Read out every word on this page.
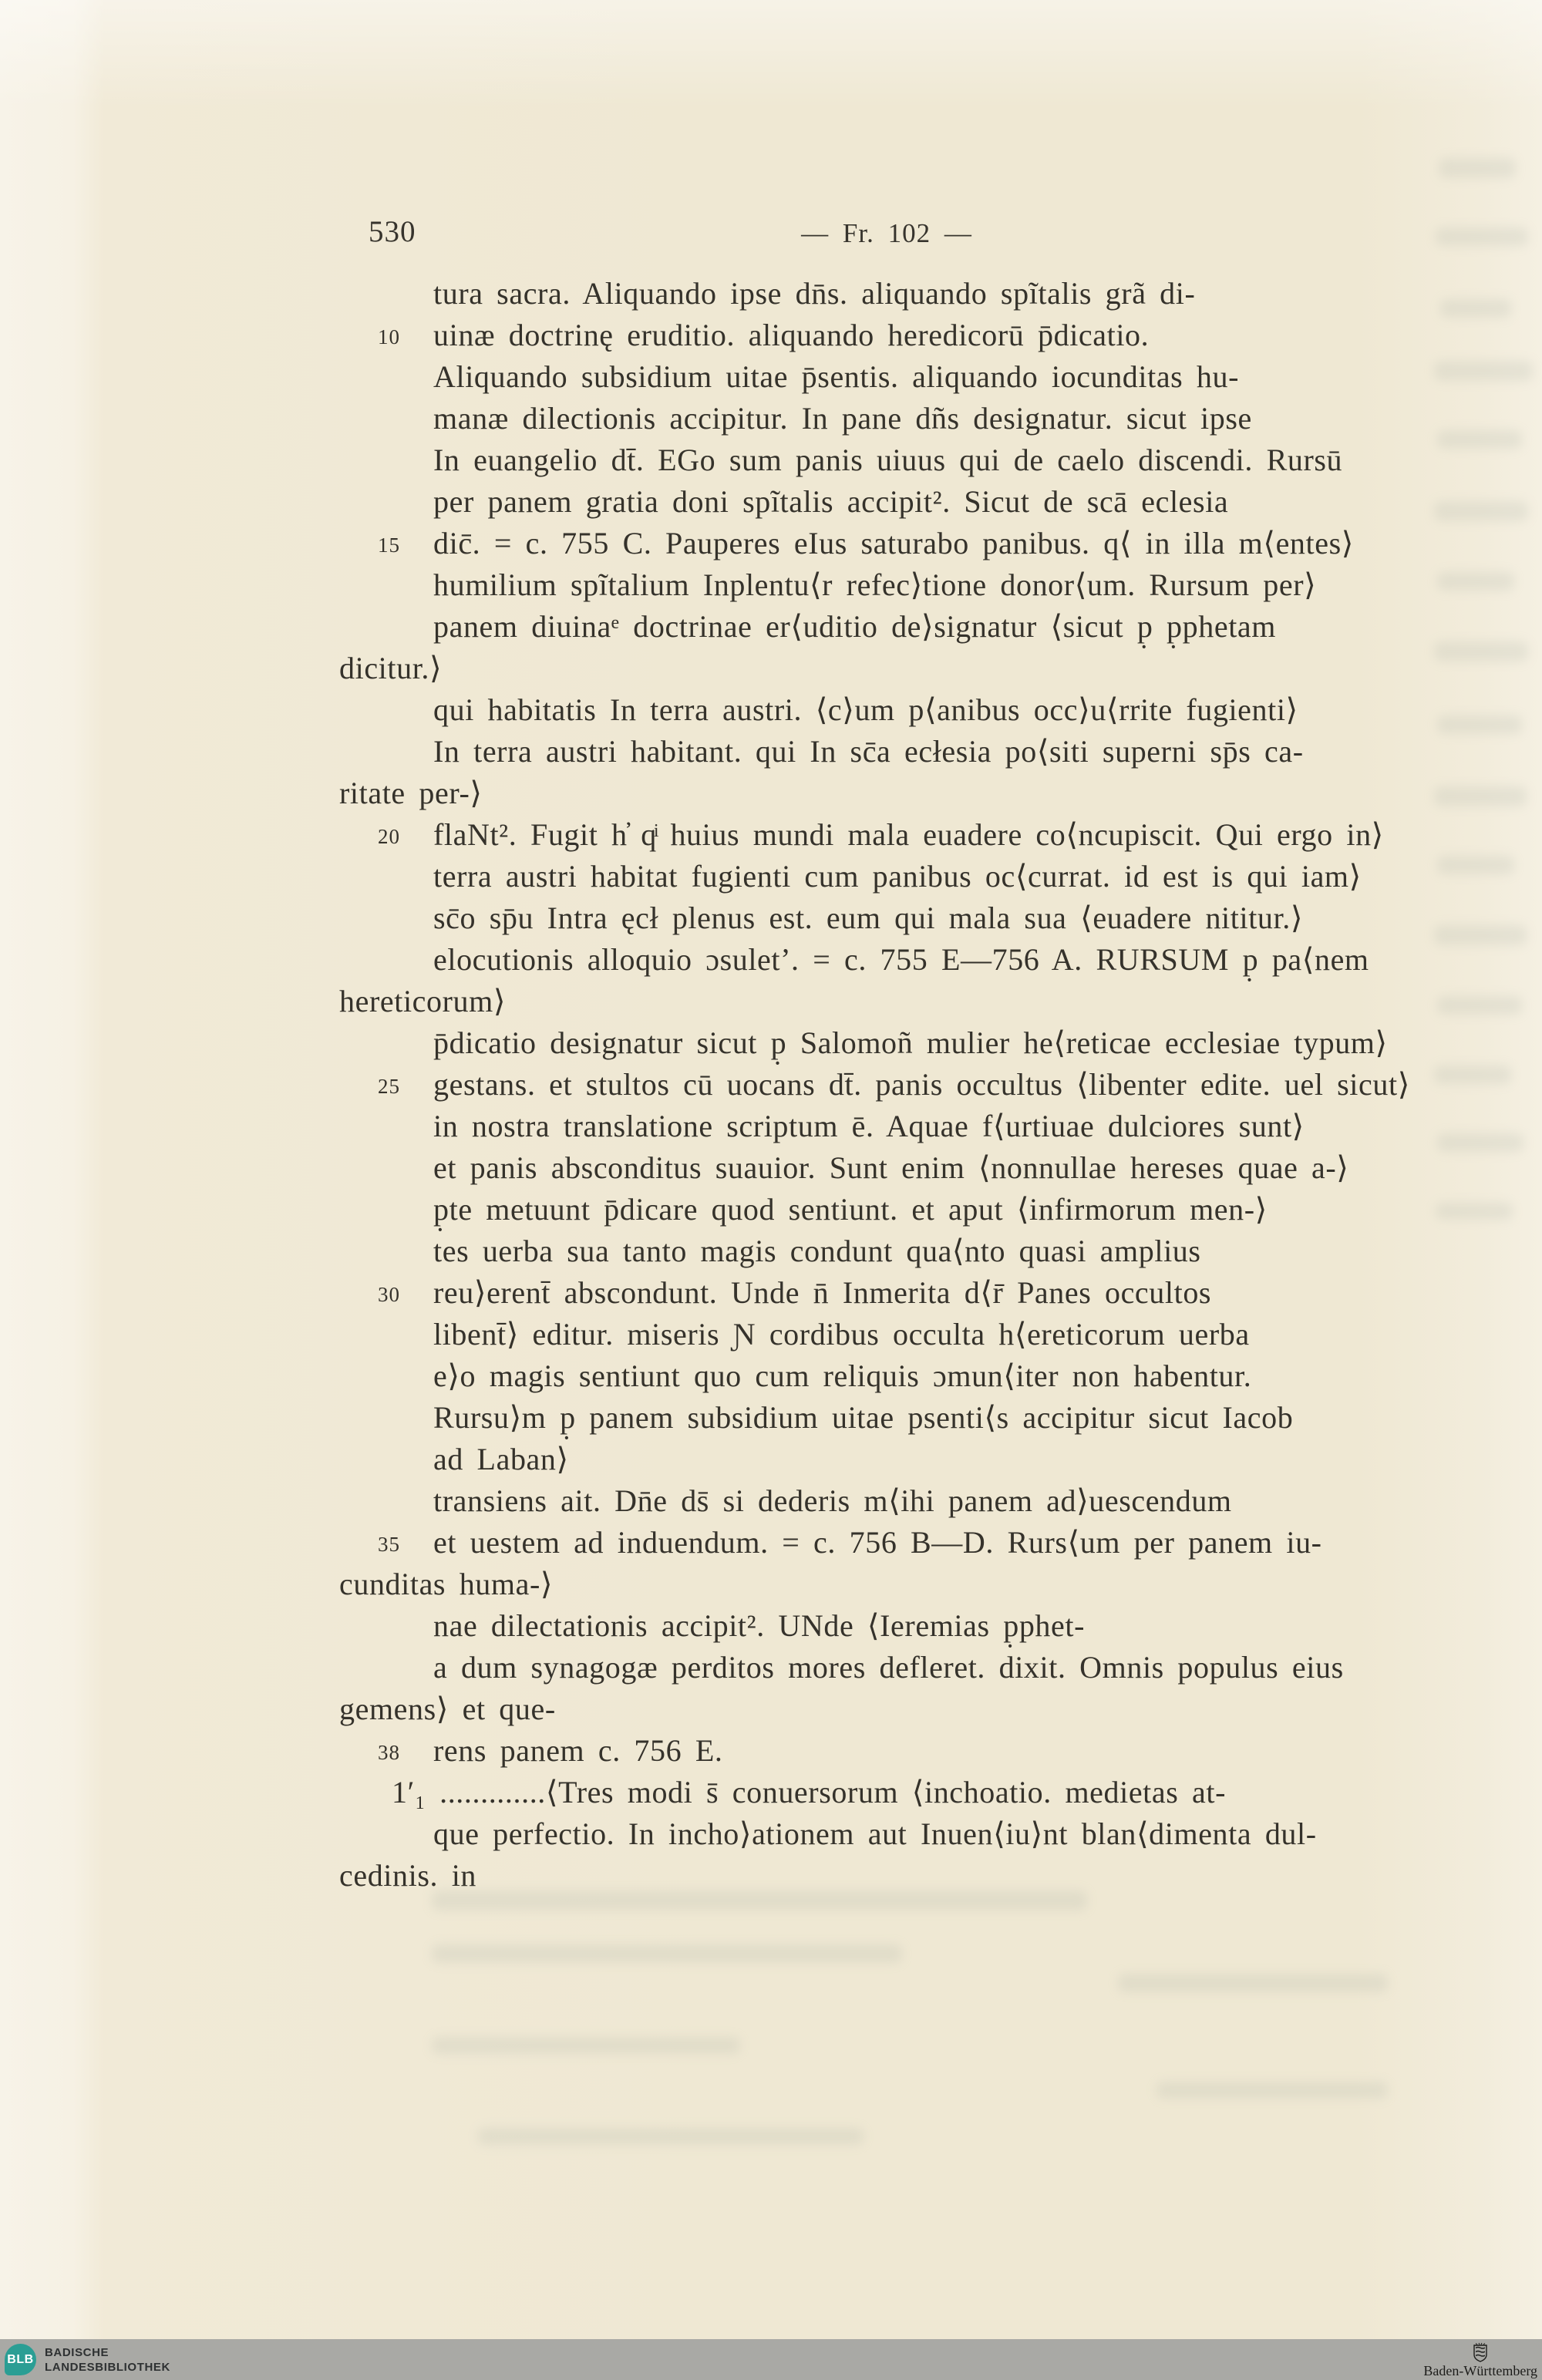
530	— Fr. 102 —
tura sacra. Aliquando ipse dn̄s. aliquando spĩtalis grã di-
10 uinæ doctrinę eruditio. aliquando heredicorū p̄dicatio.
Aliquando subsidium uitae p̄sentis. aliquando iocunditas hu-
manæ dilectionis accipitur. In pane dñs designatur. sicut ipse
In euangelio dt̄. EGo sum panis uiuus qui de caelo discendi. Rursū
per panem gratia doni spĩtalis accipit². Sicut de scā eclesia
15 dic̄. = c. 755 C. Pauperes eIus saturabo panibus. q⟨ in illa m⟨entes⟩
humilium spĩtalium Inplentu⟨r refec⟩tione donor⟨um. Rursum per⟩
panem diuinaᵉ doctrinae er⟨uditio de⟩signatur ⟨sicut p̣ p̣phetam
dicitur.⟩
qui habitatis In terra austri. ⟨c⟩um p⟨anibus occ⟩u⟨rrite fugienti⟩
In terra austri habitant. qui In sc̄a ecłesia po⟨siti superni sp̄s ca-
ritate per-⟩
20 flaNt². Fugit h̕ qͥ huius mundi mala euadere co⟨ncupiscit. Qui ergo in⟩
terra austri habitat fugienti cum panibus oc⟨currat. id est is qui iam⟩
sc̄o sp̄u Intra ęcł plenus est. eum qui mala sua ⟨euadere nititur.⟩
elocutionis alloquio ɔsuletʼ. = c. 755 E—756 A. RURSUM p̣ pa⟨nem
hereticorum⟩
p̄dicatio designatur sicut p̣ Salomoñ mulier he⟨reticae ecclesiae typum⟩
25 gestans. et stultos cū uocans dt̄. panis occultus ⟨libenter edite. uel sicut⟩
in nostra translatione scriptum ē. Aquae f⟨urtiuae dulciores sunt⟩
et panis absconditus suauior. Sunt enim ⟨nonnullae hereses quae a-⟩
p̣te metuunt p̄dicare quod sentiunt. et aput ⟨infirmorum men-⟩
tes uerba sua tanto magis condunt qua⟨nto quasi amplius
30 reu⟩erent̄ abscondunt. Unde n̄ Inmerita d⟨r̄ Panes occultos
libent̄⟩ editur. miseris Ɲ cordibus occulta h⟨ereticorum uerba
e⟩o magis sentiunt quo cum reliquis ɔmun⟨iter non habentur.
Rursu⟩m p̣ panem subsidium uitae psenti⟨s accipitur sicut Iacob
ad Laban⟩
transiens ait. Dn̄e ds̄ si dederis m⟨ihi panem ad⟩uescendum
35 et uestem ad induendum. = c. 756 B—D. Rurs⟨um per panem iu-
cunditas huma-⟩
nae dilectationis accipit². UNde ⟨Ieremias p̣phet-
a dum synagogæ perditos mores defleret. dixit. Omnis populus eius
gemens⟩ et que-
38 rens panem c. 756 E.
1′₁ .............⟨Tres modi s̄ conuersorum ⟨inchoatio. medietas at-
que perfectio. In incho⟩ationem aut Inuen⟨iu⟩nt blan⟨dimenta dul-
cedinis. in
BLB BADISCHE
LANDESBIBLIOTHEK	Baden-Württemberg
